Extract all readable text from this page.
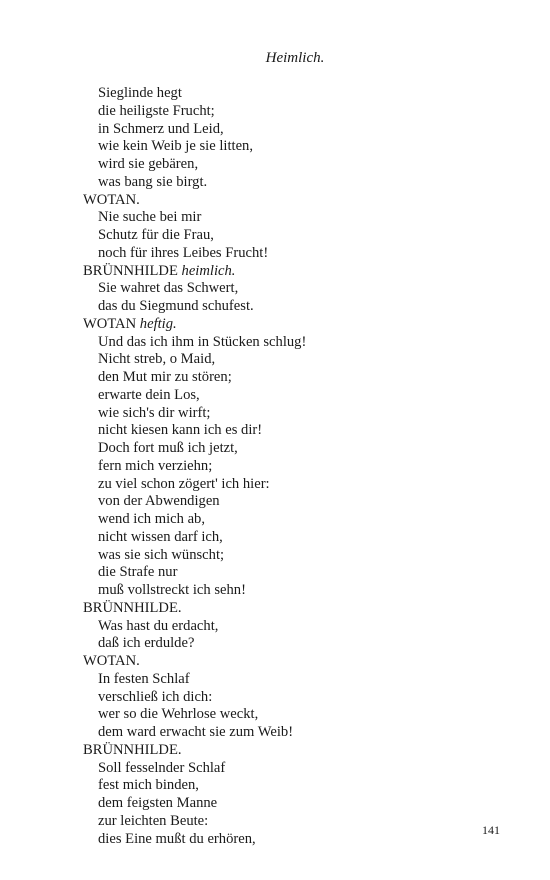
Heimlich.
Sieglinde hegt
die heiligste Frucht;
in Schmerz und Leid,
wie kein Weib je sie litten,
wird sie gebären,
was bang sie birgt.
WOTAN.
Nie suche bei mir
Schutz für die Frau,
noch für ihres Leibes Frucht!
BRÜNNHILDE heimlich.
Sie wahret das Schwert,
das du Siegmund schufest.
WOTAN heftig.
Und das ich ihm in Stücken schlug!
Nicht streb, o Maid,
den Mut mir zu stören;
erwarte dein Los,
wie sich's dir wirft;
nicht kiesen kann ich es dir!
Doch fort muß ich jetzt,
fern mich verziehn;
zu viel schon zögert' ich hier:
von der Abwendigen
wend ich mich ab,
nicht wissen darf ich,
was sie sich wünscht;
die Strafe nur
muß vollstreckt ich sehn!
BRÜNNHILDE.
Was hast du erdacht,
daß ich erdulde?
WOTAN.
In festen Schlaf
verschließ ich dich:
wer so die Wehrlose weckt,
dem ward erwacht sie zum Weib!
BRÜNNHILDE.
Soll fesselnder Schlaf
fest mich binden,
dem feigsten Manne
zur leichten Beute:
dies Eine mußt du erhören,
141
